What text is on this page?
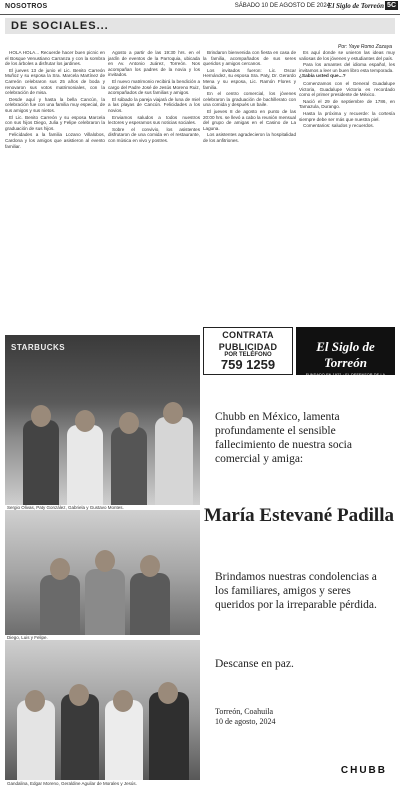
NOSOTROS	SÁBADO 10 DE AGOSTO DE 2024
El Siglo de Torreón 5C
DE SOCIALES...
Por: Yaye Romo Zozaya

HOLA HOLA... Recuerde hacer buen picnic en el Bosque Venustiano Carranza y con la sombra de los árboles a disfrutar los jardines.

El jueves 13 de junio el Lic. Benito Carreón Muñoz y su esposa la Sra. Marcela Martínez de Carreón celebraron sus 25 años de boda y renovaron sus votos matrimoniales, con la celebración de misa.

Desde aquí y hasta la bella Cancún, la celebración fue con una familia muy especial, de sus amigos y sus nietos.

El Lic. Benito Carreón y su esposa Marcela con sus hijos Diego, Julia y Felipe celebraron la graduación de sus hijos.

Felicidades a la familia Lozano Villalobos, Cardona y los amigos que asistieron al evento familiar.

Agosto a partir de las 19:30 hrs. en el jardín de eventos de la Parroquia, ubicada en Av. Antonio Juárez, Torreón. Nos acompañan los padres de la novia y los invitados.

El nuevo matrimonio recibirá la bendición a cargo del Padre José de Jesús Moreno Ruiz, acompañados de sus familias y amigos.

El sábado la pareja viajará de luna de miel a las playas de Cancún. Felicidades a los novios.

Enviamos saludos a todos nuestros lectores y esperamos sus noticias sociales.

Sobre el convivio, los asistentes disfrutaron de una comida en el restaurante, con música en vivo y postres.

Brindaron bienvenida con fiesta en casa de la familia, acompañados de sus seres queridos y amigos cercanos.

Los invitados fueron: Lic. Oscar Hernández, su esposa Sra. Paty, Dr. Gerardo Mena y su esposa, Lic. Ramón Flores y familia.

En el centro comercial, los jóvenes celebraron la graduación de bachillerato con una comida y después un baile.

El jueves 8 de agosto en punto de las 20:00 hrs. se llevó a cabo la reunión mensual del grupo de amigas en el Casino de La Laguna.

Los asistentes agradecieron la hospitalidad de los anfitriones.

Es aquí donde se unieron las ideas muy valiosas de los jóvenes y estudiantes del país.

Para los amantes del idioma español, les invitamos a leer un buen libro esta temporada.

¿Sabía usted que...?

Comenzamos con el General Guadalupe Victoria, Guadalupe Victoria es recordado como el primer presidente de México.

Nació el 29 de septiembre de 1786, en Tamazula, Durango.

Hasta la próxima y recuerde: la cortesía siempre debe ser más que nuestra piel.

Comentarios: saludos y recuerdos.

STARBUCKS
Sergio Olivas, Paty González, Gabriela y Gustavo Montes.
Diego, Luis y Felipe.
Gandalina, Edgar Moreno, Geraldine Aguilar de Morales y Jesús.
CONTRATA
PUBLICIDAD
POR TELÉFONO
759 1259
El Siglo de Torreón
FUNDADO EN 1922 · EL DEFENSOR DE LA COMUNIDAD
Chubb en México, lamenta profundamente el sensible fallecimiento de nuestra socia comercial y amiga:
María Estevané Padilla
Brindamos nuestras condolencias a los familiares, amigos y seres queridos por la irreparable pérdida.
Descanse en paz.
Torreón, Coahuila
10 de agosto, 2024
CHUBB
